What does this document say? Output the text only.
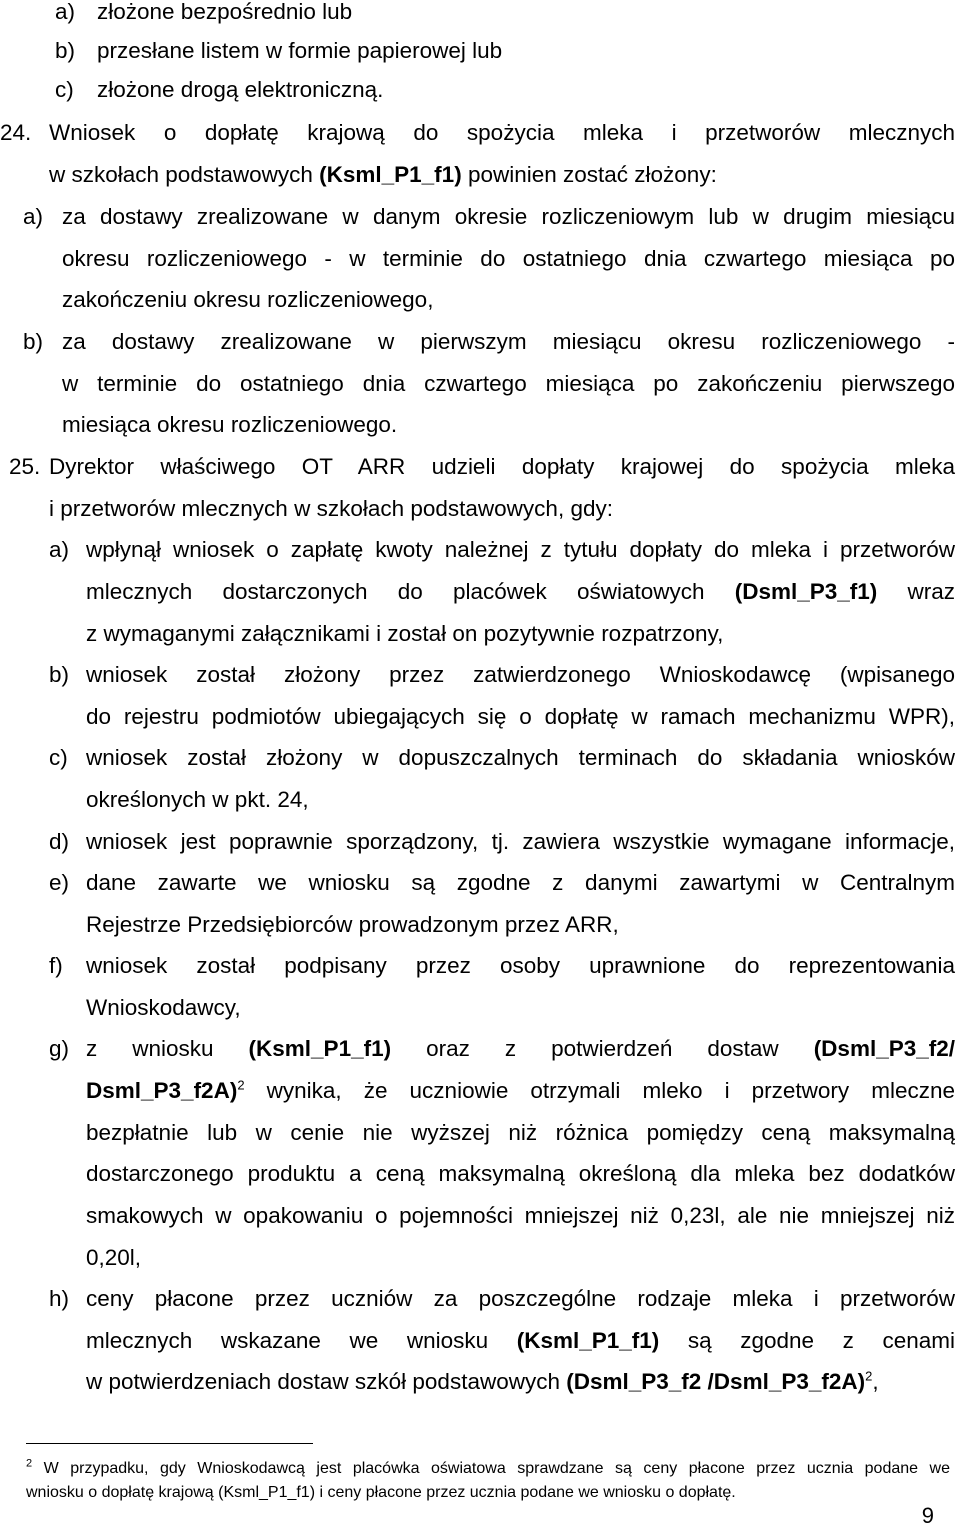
a) złożone bezpośrednio lub
b) przesłane listem w formie papierowej lub
c) złożone drogą elektroniczną.
24. Wniosek o dopłatę krajową do spożycia mleka i przetworów mlecznych
w szkołach podstawowych (Ksml_P1_f1) powinien zostać złożony:
a) za dostawy zrealizowane w danym okresie rozliczeniowym lub w drugim miesiącu
okresu rozliczeniowego - w terminie do ostatniego dnia czwartego miesiąca po
zakończeniu okresu rozliczeniowego,
b) za dostawy zrealizowane w pierwszym miesiącu okresu rozliczeniowego -
w terminie do ostatniego dnia czwartego miesiąca po zakończeniu pierwszego
miesiąca okresu rozliczeniowego.
25. Dyrektor właściwego OT ARR udzieli dopłaty krajowej do spożycia mleka
i przetworów mlecznych w szkołach podstawowych, gdy:
a) wpłynął wniosek o zapłatę kwoty należnej z tytułu dopłaty do mleka i przetworów
mlecznych dostarczonych do placówek oświatowych (Dsml_P3_f1) wraz
z wymaganymi załącznikami i został on pozytywnie rozpatrzony,
b) wniosek został złożony przez zatwierdzonego Wnioskodawcę (wpisanego
do rejestru podmiotów ubiegających się o dopłatę w ramach mechanizmu WPR),
c) wniosek został złożony w dopuszczalnych terminach do składania wniosków
określonych w pkt. 24,
d) wniosek jest poprawnie sporządzony, tj. zawiera wszystkie wymagane informacje,
e) dane zawarte we wniosku są zgodne z danymi zawartymi w Centralnym
Rejestrze Przedsiębiorców prowadzonym przez ARR,
f) wniosek został podpisany przez osoby uprawnione do reprezentowania
Wnioskodawcy,
g) z wniosku (Ksml_P1_f1) oraz z potwierdzeń dostaw (Dsml_P3_f2/
Dsml_P3_f2A)$^2$ wynika, że uczniowie otrzymali mleko i przetwory mleczne
bezpłatnie lub w cenie nie wyższej niż różnica pomiędzy ceną maksymalną
dostarczonego produktu a ceną maksymalną określoną dla mleka bez dodatków
smakowych w opakowaniu o pojemności mniejszej niż 0,23l, ale nie mniejszej niż
0,20l,
h) ceny płacone przez uczniów za poszczególne rodzaje mleka i przetworów
mlecznych wskazane we wniosku (Ksml_P1_f1) są zgodne z cenami
w potwierdzeniach dostaw szkół podstawowych (Dsml_P3_f2 /Dsml_P3_f2A)$^2$,
$^2$ W przypadku, gdy Wnioskodawcą jest placówka oświatowa sprawdzane są ceny płacone przez ucznia podane we
wniosku o dopłatę krajową (Ksml_P1_f1) i ceny płacone przez ucznia podane we wniosku o dopłatę.
9
